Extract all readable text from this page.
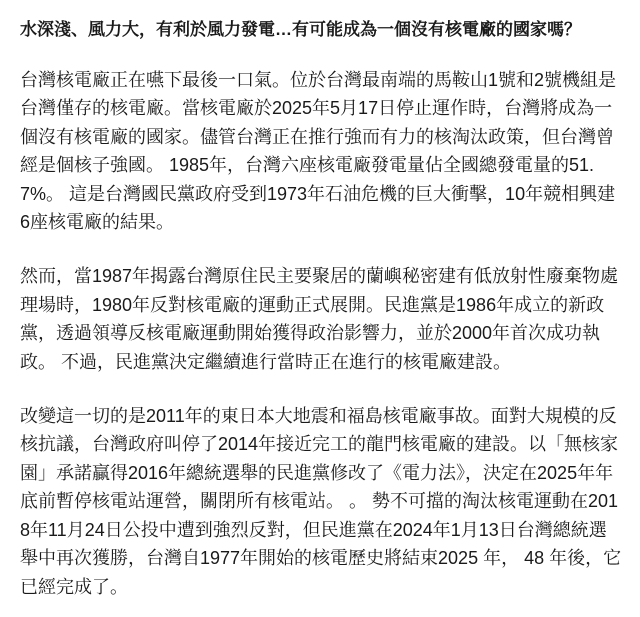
水深淺、風力大，有利於風力發電…有可能成為一個沒有核電廠的國家嗎？

台灣核電廠正在嚥下最後一口氣。位於台灣最南端的馬鞍山1號和2號機組是台灣僅存的核電廠。當核電廠於2025年5月17日停止運作時，台灣將成為一個沒有核電廠的國家。儘管台灣正在推行強而有力的核淘汰政策，但台灣曾經是個核子強國。 1985年，台灣六座核電廠發電量佔全國總發電量的51.7%。 這是台灣國民黨政府受到1973年石油危機的巨大衝擊，10年競相興建6座核電廠的結果。

然而，當1987年揭露台灣原住民主要聚居的蘭嶼秘密建有低放射性廢棄物處理場時，1980年反對核電廠的運動正式展開。民進黨是1986年成立的新政黨，透過領導反核電廠運動開始獲得政治影響力，並於2000年首次成功執政。 不過，民進黨決定繼續進行當時正在進行的核電廠建設。

改變這一切的是2011年的東日本大地震和福島核電廠事故。面對大規模的反核抗議，台灣政府叫停了2014年接近完工的龍門核電廠的建設。以「無核家園」承諾贏得2016年總統選舉的民進黨修改了《電力法》，決定在2025年年底前暫停核電站運營，關閉所有核電站。 。 勢不可擋的淘汰核電運動在2018年11月24日公投中遭到強烈反對，但民進黨在2024年1月13日台灣總統選舉中再次獲勝，台灣自1977年開始的核電歷史將結束2025 年， 48 年後，它已經完成了。
